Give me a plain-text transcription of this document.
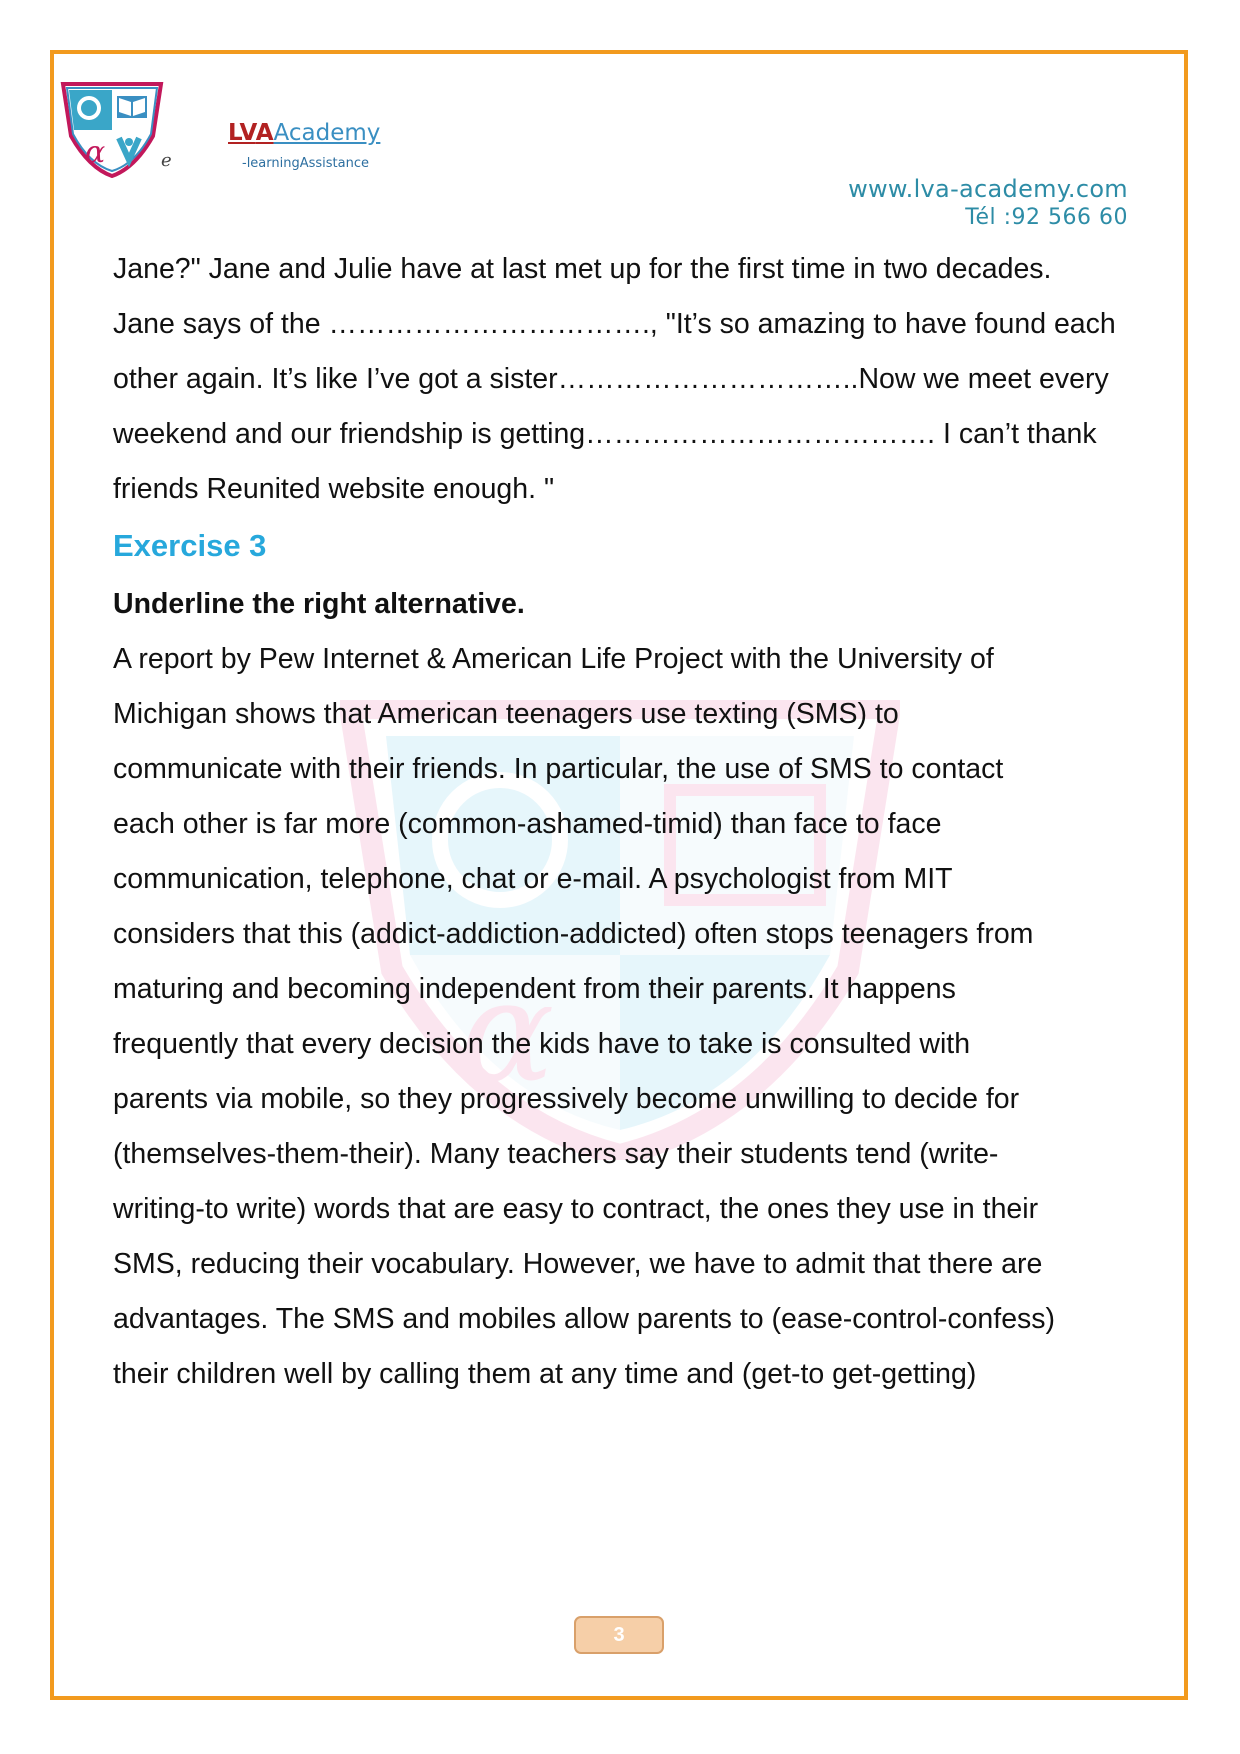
α	e
LVAAcademy
-learningAssistance
www.lva-academy.com
Tél :92 566 60
α
Jane?" Jane and Julie have at last met up for the first time in two decades.
Jane says of the ……………………………., "It’s so amazing to have found each
other again. It’s like I’ve got a sister…………………………..Now we meet every
weekend and our friendship is getting………………………………. I can’t thank
friends Reunited website enough. "
Exercise 3
Underline the right alternative.
A report by Pew Internet & American Life Project with the University of
Michigan shows that American teenagers use texting (SMS) to
communicate with their friends. In particular, the use of SMS to contact
each other is far more (common-ashamed-timid) than face to face
communication, telephone, chat or e-mail. A psychologist from MIT
considers that this (addict-addiction-addicted) often stops teenagers from
maturing and becoming independent from their parents. It happens
frequently that every decision the kids have to take is consulted with
parents via mobile, so they progressively become unwilling to decide for
(themselves-them-their). Many teachers say their students tend (write-
writing-to write) words that are easy to contract, the ones they use in their
SMS, reducing their vocabulary. However, we have to admit that there are
advantages. The SMS and mobiles allow parents to (ease-control-confess)
their children well by calling them at any time and (get-to get-getting)
3
